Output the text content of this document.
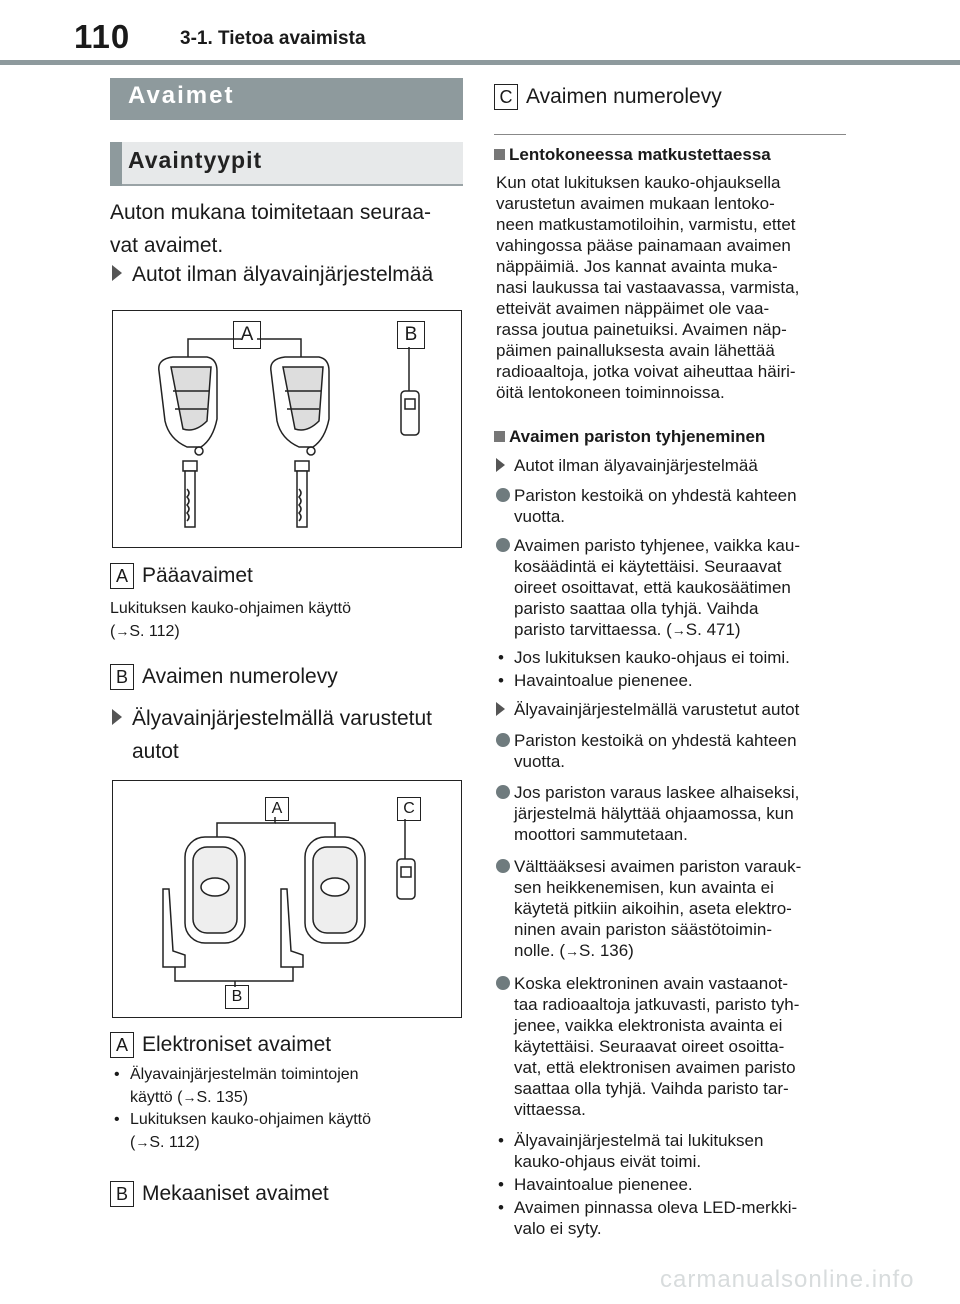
110	3-1. Tietoa avaimista
Avaimet
Avaintyypit
Auton mukana toimitetaan seuraa-
vat avaimet.
Autot ilman älyavainjärjestelmää
A	B
A Pääavaimet
Lukituksen kauko-ohjaimen käyttö
(→S. 112)
B Avaimen numerolevy
Älyavainjärjestelmällä varustetut
autot
A	C
B
A Elektroniset avaimet
• Älyavainjärjestelmän toimintojen
käyttö (→S. 135)
• Lukituksen kauko-ohjaimen käyttö
(→S. 112)
B Mekaaniset avaimet
C Avaimen numerolevy
Lentokoneessa matkustettaessa
Kun otat lukituksen kauko-ohjauksella
varustetun avaimen mukaan lentoko-
neen matkustamotiloihin, varmistu, ettet
vahingossa pääse painamaan avaimen
näppäimiä. Jos kannat avainta muka-
nasi laukussa tai vastaavassa, varmista,
etteivät avaimen näppäimet ole vaa-
rassa joutua painetuiksi. Avaimen näp-
päimen painalluksesta avain lähettää
radioaaltoja, jotka voivat aiheuttaa häiri-
öitä lentokoneen toiminnoissa.
Avaimen pariston tyhjeneminen
Autot ilman älyavainjärjestelmää
Pariston kestoikä on yhdestä kahteen
vuotta.
Avaimen paristo tyhjenee, vaikka kau-
kosäädintä ei käytettäisi. Seuraavat
oireet osoittavat, että kaukosäätimen
paristo saattaa olla tyhjä. Vaihda
paristo tarvittaessa. (→S. 471)
• Jos lukituksen kauko-ohjaus ei toimi.
• Havaintoalue pienenee.
Älyavainjärjestelmällä varustetut autot
Pariston kestoikä on yhdestä kahteen
vuotta.
Jos pariston varaus laskee alhaiseksi,
järjestelmä hälyttää ohjaamossa, kun
moottori sammutetaan.
Välttääksesi avaimen pariston varauk-
sen heikkenemisen, kun avainta ei
käytetä pitkiin aikoihin, aseta elektro-
ninen avain pariston säästötoimin-
nolle. (→S. 136)
Koska elektroninen avain vastaanot-
taa radioaaltoja jatkuvasti, paristo tyh-
jenee, vaikka elektronista avainta ei
käytettäisi. Seuraavat oireet osoitta-
vat, että elektronisen avaimen paristo
saattaa olla tyhjä. Vaihda paristo tar-
vittaessa.
• Älyavainjärjestelmä tai lukituksen
kauko-ohjaus eivät toimi.
• Havaintoalue pienenee.
• Avaimen pinnassa oleva LED-merkki-
valo ei syty.
carmanualsonline.info
